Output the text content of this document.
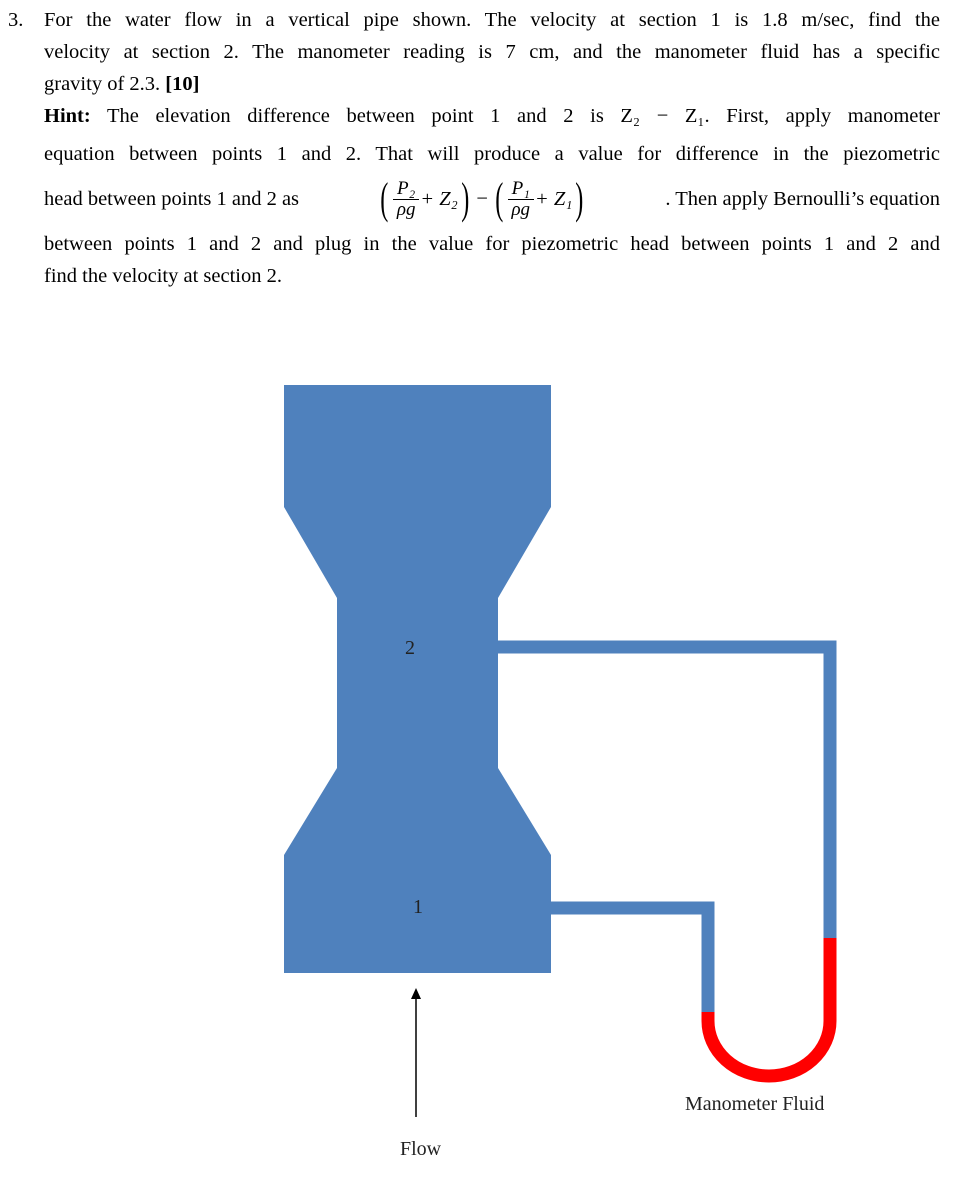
3. For the water flow in a vertical pipe shown. The velocity at section 1 is 1.8 m/sec, find the
velocity at section 2. The manometer reading is 7 cm, and the manometer fluid has a specific
gravity of 2.3. [10]
Hint: The elevation difference between point 1 and 2 is Z₂ − Z₁. First, apply manometer
equation between points 1 and 2. That will produce a value for difference in the piezometric
head between points 1 and 2 as ( $\frac{\text{P₂}}{\rho g} + Z_2$ ) − ( $\frac{\text{P₁}}{\rho g} + Z_1$ )	. Then apply Bernoulli’s equation
between points 1 and 2 and plug in the value for piezometric head between points 1 and 2 and
find the velocity at section 2.
2
1
Flow
Manometer Fluid
